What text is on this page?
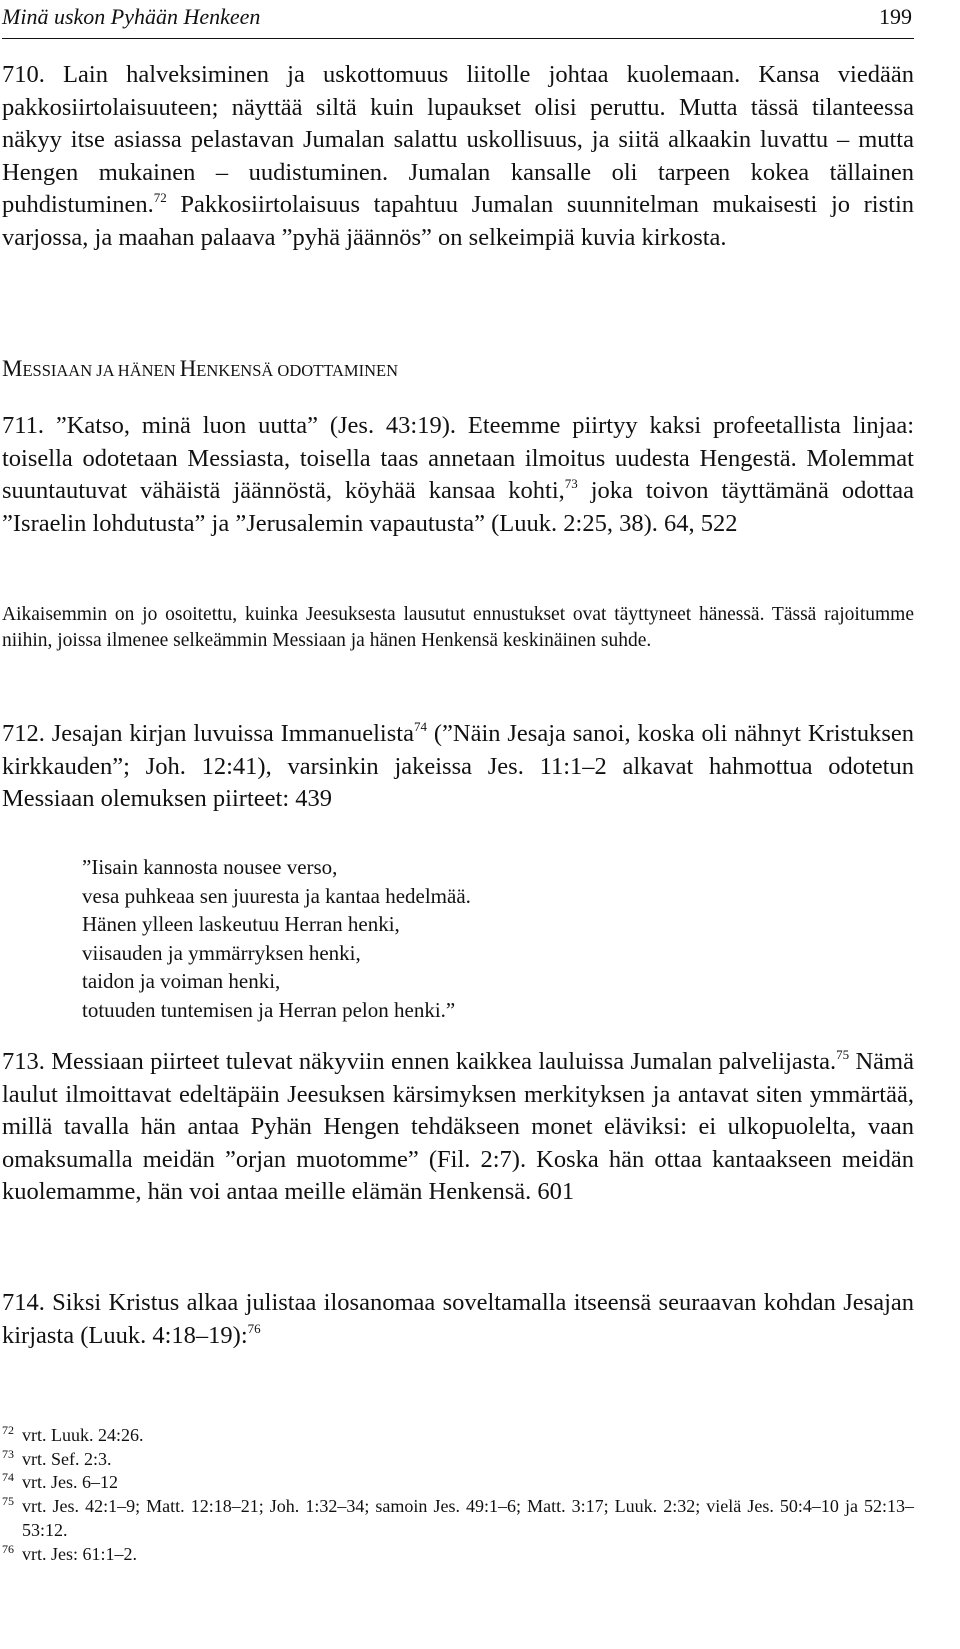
Minä uskon Pyhään Henkeen	199

710. Lain halveksiminen ja uskottomuus liitolle johtaa kuolemaan. Kansa viedään pakkosiirtolaisuuteen; näyttää siltä kuin lupaukset olisi peruttu. Mutta tässä tilanteessa näkyy itse asiassa pelastavan Jumalan salattu uskollisuus, ja siitä alkaakin luvattu – mutta Hengen mukainen – uudistuminen. Jumalan kansalle oli tarpeen kokea tällainen puhdistuminen.$^{72}$ Pakkosiirtolaisuus tapahtuu Jumalan suunnitelman mukaisesti jo ristin varjossa, ja maahan palaava ”pyhä jäännös” on selkeimpiä kuvia kirkosta.

MESSIAAN JA HÄNEN HENKENSÄ ODOTTAMINEN

711. ”Katso, minä luon uutta” (Jes. 43:19). Eteemme piirtyy kaksi profeetallista linjaa: toisella odotetaan Messiasta, toisella taas annetaan ilmoitus uudesta Hengestä. Molemmat suuntautuvat vähäistä jäännöstä, köyhää kansaa kohti,$^{73}$ joka toivon täyttämänä odottaa ”Israelin lohdutusta” ja ”Jerusalemin vapautusta” (Luuk. 2:25, 38). 64, 522

Aikaisemmin on jo osoitettu, kuinka Jeesuksesta lausutut ennustukset ovat täyttyneet hänessä. Tässä rajoitumme niihin, joissa ilmenee selkeämmin Messiaan ja hänen Henkensä keskinäinen suhde.

712. Jesajan kirjan luvuissa Immanuelista$^{74}$ (”Näin Jesaja sanoi, koska oli nähnyt Kristuksen kirkkauden”; Joh. 12:41), varsinkin jakeissa Jes. 11:1–2 alkavat hahmottua odotetun Messiaan olemuksen piirteet: 439

”Iisain kannosta nousee verso,
vesa puhkeaa sen juuresta ja kantaa hedelmää.
Hänen ylleen laskeutuu Herran henki,
viisauden ja ymmärryksen henki,
taidon ja voiman henki,
totuuden tuntemisen ja Herran pelon henki.”

713. Messiaan piirteet tulevat näkyviin ennen kaikkea lauluissa Jumalan palvelijasta.$^{75}$ Nämä laulut ilmoittavat edeltäpäin Jeesuksen kärsimyksen merkityksen ja antavat siten ymmärtää, millä tavalla hän antaa Pyhän Hengen tehdäkseen monet eläviksi: ei ulkopuolelta, vaan omaksumalla meidän ”orjan muotomme” (Fil. 2:7). Koska hän ottaa kantaakseen meidän kuolemamme, hän voi antaa meille elämän Henkensä. 601

714. Siksi Kristus alkaa julistaa ilosanomaa soveltamalla itseensä seuraavan kohdan Jesajan kirjasta (Luuk. 4:18–19):$^{76}$

72 vrt. Luuk. 24:26.
73 vrt. Sef. 2:3.
74 vrt. Jes. 6–12
75 vrt. Jes. 42:1–9; Matt. 12:18–21; Joh. 1:32–34; samoin Jes. 49:1–6; Matt. 3:17; Luuk. 2:32; vielä Jes. 50:4–10 ja 52:13–53:12.
76 vrt. Jes: 61:1–2.
